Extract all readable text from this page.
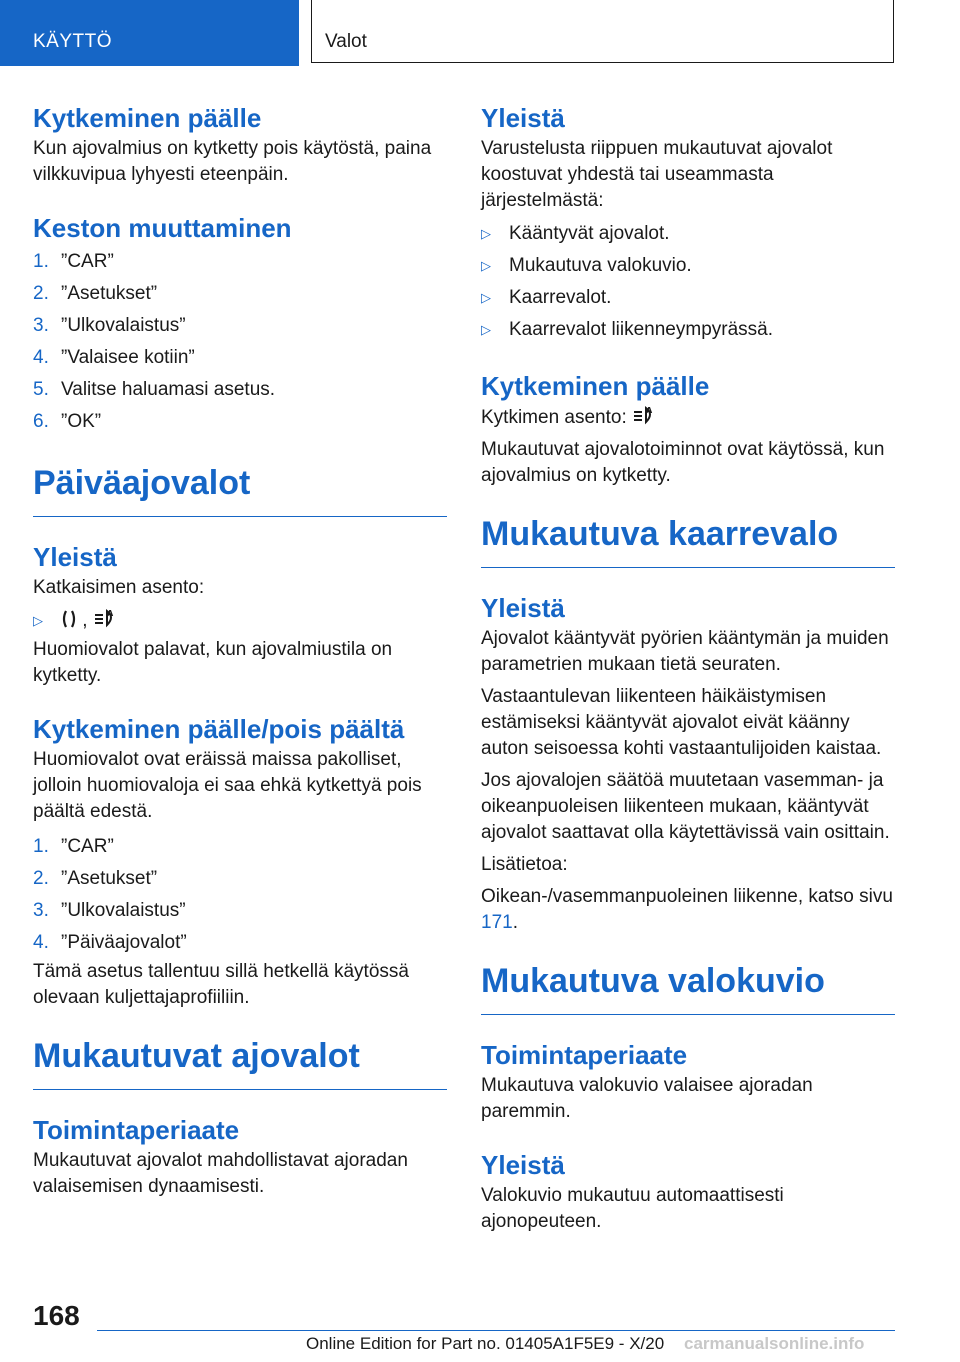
KÄYTTÖ	Valot
Kytkeminen päälle

Kun ajovalmius on kytketty pois käytöstä, paina vilkkuvipua lyhyesti eteenpäin.

Keston muuttaminen
1. ”CAR”
2. ”Asetukset”
3. ”Ulkovalaistus”
4. ”Valaisee kotiin”
5. Valitse haluamasi asetus.
6. ”OK”
Päiväajovalot
Yleistä

Katkaisimen asento:

▷	, A

Huomiovalot palavat, kun ajovalmiustila on kytketty.

Kytkeminen päälle/pois päältä

Huomiovalot ovat eräissä maissa pakolliset, jolloin huomiovaloja ei saa ehkä kytkettyä pois päältä edestä.

1. ”CAR”
2. ”Asetukset”
3. ”Ulkovalaistus”
4. ”Päiväajovalot”

Tämä asetus tallentuu sillä hetkellä käytössä olevaan kuljettajaprofiiliin.

Mukautuvat ajovalot
Toimintaperiaate

Mukautuvat ajovalot mahdollistavat ajoradan valaisemisen dynaamisesti.

Yleistä

Varustelusta riippuen mukautuvat ajovalot koostuvat yhdestä tai useammasta järjestelmästä:

▷ Kääntyvät ajovalot.
▷ Mukautuva valokuvio.
▷ Kaarrevalot.
▷ Kaarrevalot liikenneympyrässä.
Kytkeminen päälle

Kytkimen asento: A

Mukautuvat ajovalotoiminnot ovat käytössä, kun ajovalmius on kytketty.

Mukautuva kaarrevalo
Yleistä

Ajovalot kääntyvät pyörien kääntymän ja muiden parametrien mukaan tietä seuraten.

Vastaantulevan liikenteen häikäistymisen estämiseksi kääntyvät ajovalot eivät käänny auton seisoessa kohti vastaantulijoiden kaistaa.

Jos ajovalojen säätöä muutetaan vasemman- ja oikeanpuoleisen liikenteen mukaan, kääntyvät ajovalot saattavat olla käytettävissä vain osittain.

Lisätietoa:

Oikean-/vasemmanpuoleinen liikenne, katso sivu 171.

Mukautuva valokuvio
Toimintaperiaate

Mukautuva valokuvio valaisee ajoradan paremmin.

Yleistä

Valokuvio mukautuu automaattisesti ajonopeuteen.

168
Online Edition for Part no. 01405A1F5E9 - X/20 carmanualsonline.info
